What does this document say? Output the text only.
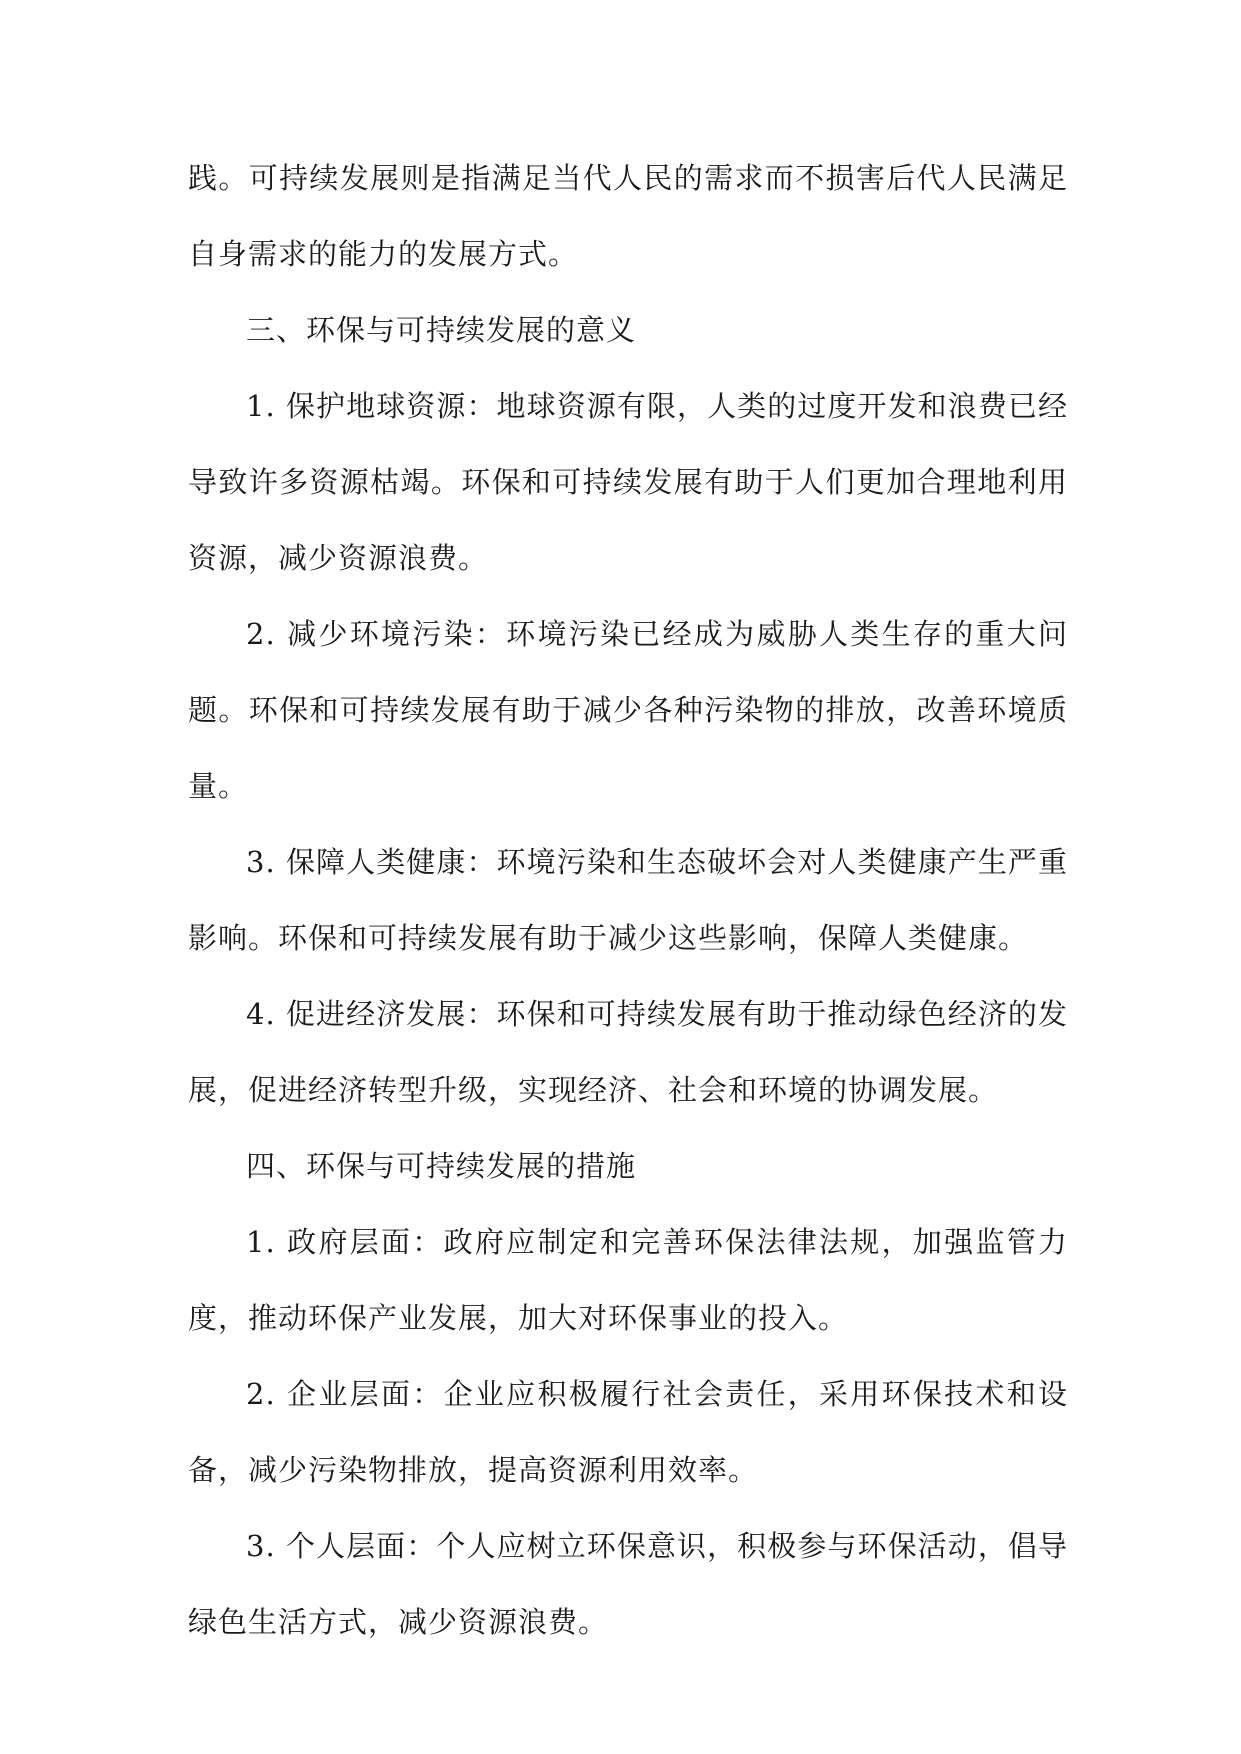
践。可持续发展则是指满足当代人民的需求而不损害后代人民满足自身需求的能力的发展方式。

三、环保与可持续发展的意义

1. 保护地球资源：地球资源有限，人类的过度开发和浪费已经导致许多资源枯竭。环保和可持续发展有助于人们更加合理地利用资源，减少资源浪费。

2. 减少环境污染：环境污染已经成为威胁人类生存的重大问题。环保和可持续发展有助于减少各种污染物的排放，改善环境质量。

3. 保障人类健康：环境污染和生态破坏会对人类健康产生严重影响。环保和可持续发展有助于减少这些影响，保障人类健康。

4. 促进经济发展：环保和可持续发展有助于推动绿色经济的发展，促进经济转型升级，实现经济、社会和环境的协调发展。

四、环保与可持续发展的措施

1. 政府层面：政府应制定和完善环保法律法规，加强监管力度，推动环保产业发展，加大对环保事业的投入。

2. 企业层面：企业应积极履行社会责任，采用环保技术和设备，减少污染物排放，提高资源利用效率。

3. 个人层面：个人应树立环保意识，积极参与环保活动，倡导绿色生活方式，减少资源浪费。
